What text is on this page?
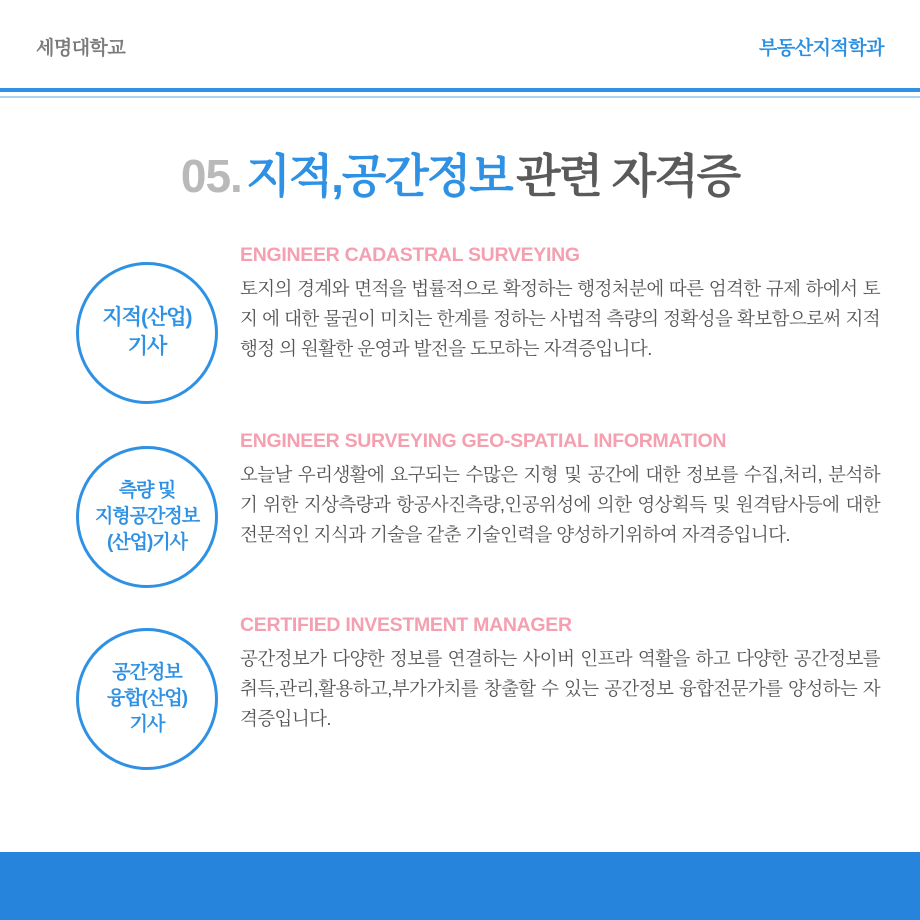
세명대학교	부동산지적학과
05. 지적,공간정보 관련 자격증
지적(산업)
기사
ENGINEER CADASTRAL SURVEYING
토지의 경계와 면적을 법률적으로 확정하는 행정처분에 따른 엄격한 규제 하에서 토지 에 대한 물권이 미치는 한계를 정하는 사법적 측량의 정확성을 확보함으로써 지적행정 의 원활한 운영과 발전을 도모하는 자격증입니다.
측량 및
지형공간정보
(산업)기사
ENGINEER SURVEYING GEO-SPATIAL INFORMATION
오늘날 우리생활에 요구되는 수많은 지형 및 공간에 대한 정보를 수집,처리, 분석하기 위한 지상측량과 항공사진측량,인공위성에 의한 영상획득 및 원격탐사등에 대한 전문적인 지식과 기술을 같춘 기술인력을 양성하기위하여 자격증입니다.
공간정보
융합(산업)
기사
CERTIFIED INVESTMENT MANAGER
공간정보가 다양한 정보를 연결하는 사이버 인프라 역활을 하고 다양한 공간정보를 취득,관리,활용하고,부가가치를 창출할 수 있는 공간정보 융합전문가를 양성하는 자격증입니다.
